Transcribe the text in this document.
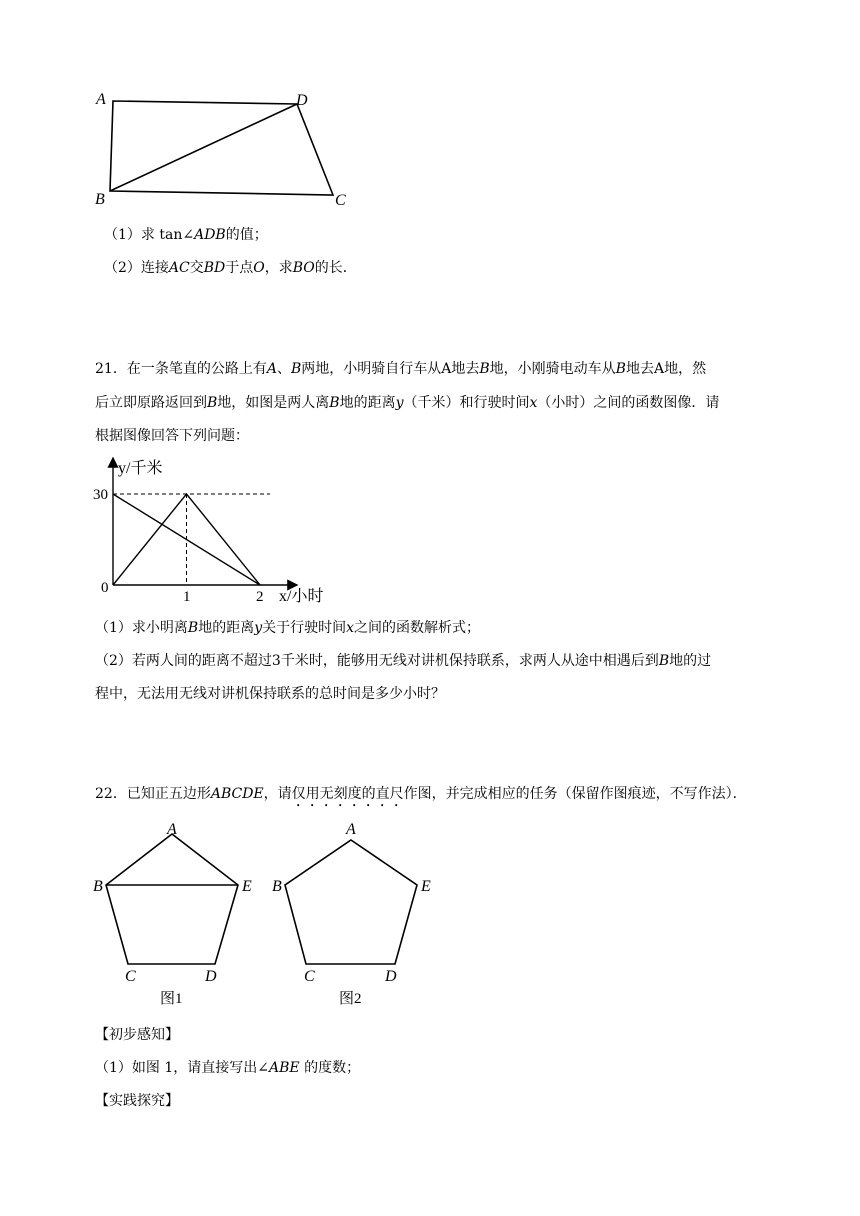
A	D
B	C
（1）求 tan∠ADB的值；
（2）连接AC交BD于点O，求BO的长．
21．在一条笔直的公路上有A、B两地，小明骑自行车从A地去B地，小刚骑电动车从B地去A地，然
后立即原路返回到B地，如图是两人离B地的距离y（千米）和行驶时间x（小时）之间的函数图像．请
根据图像回答下列问题：
y/千米
x/小时
30
0
1	2
（1）求小明离B地的距离y关于行驶时间x之间的函数解析式；
（2）若两人间的距离不超过3千米时，能够用无线对讲机保持联系，求两人从途中相遇后到B地的过
程中，无法用无线对讲机保持联系的总时间是多少小时？
22．已知正五边形ABCDE，请仅用无刻度的直尺作图，并完成相应的任务（保留作图痕迹，不写作法）．
A
B	E
C	D
图1
A
B	E
C	D
图2
【初步感知】
（1）如图 1，请直接写出∠ABE 的度数；
【实践探究】
